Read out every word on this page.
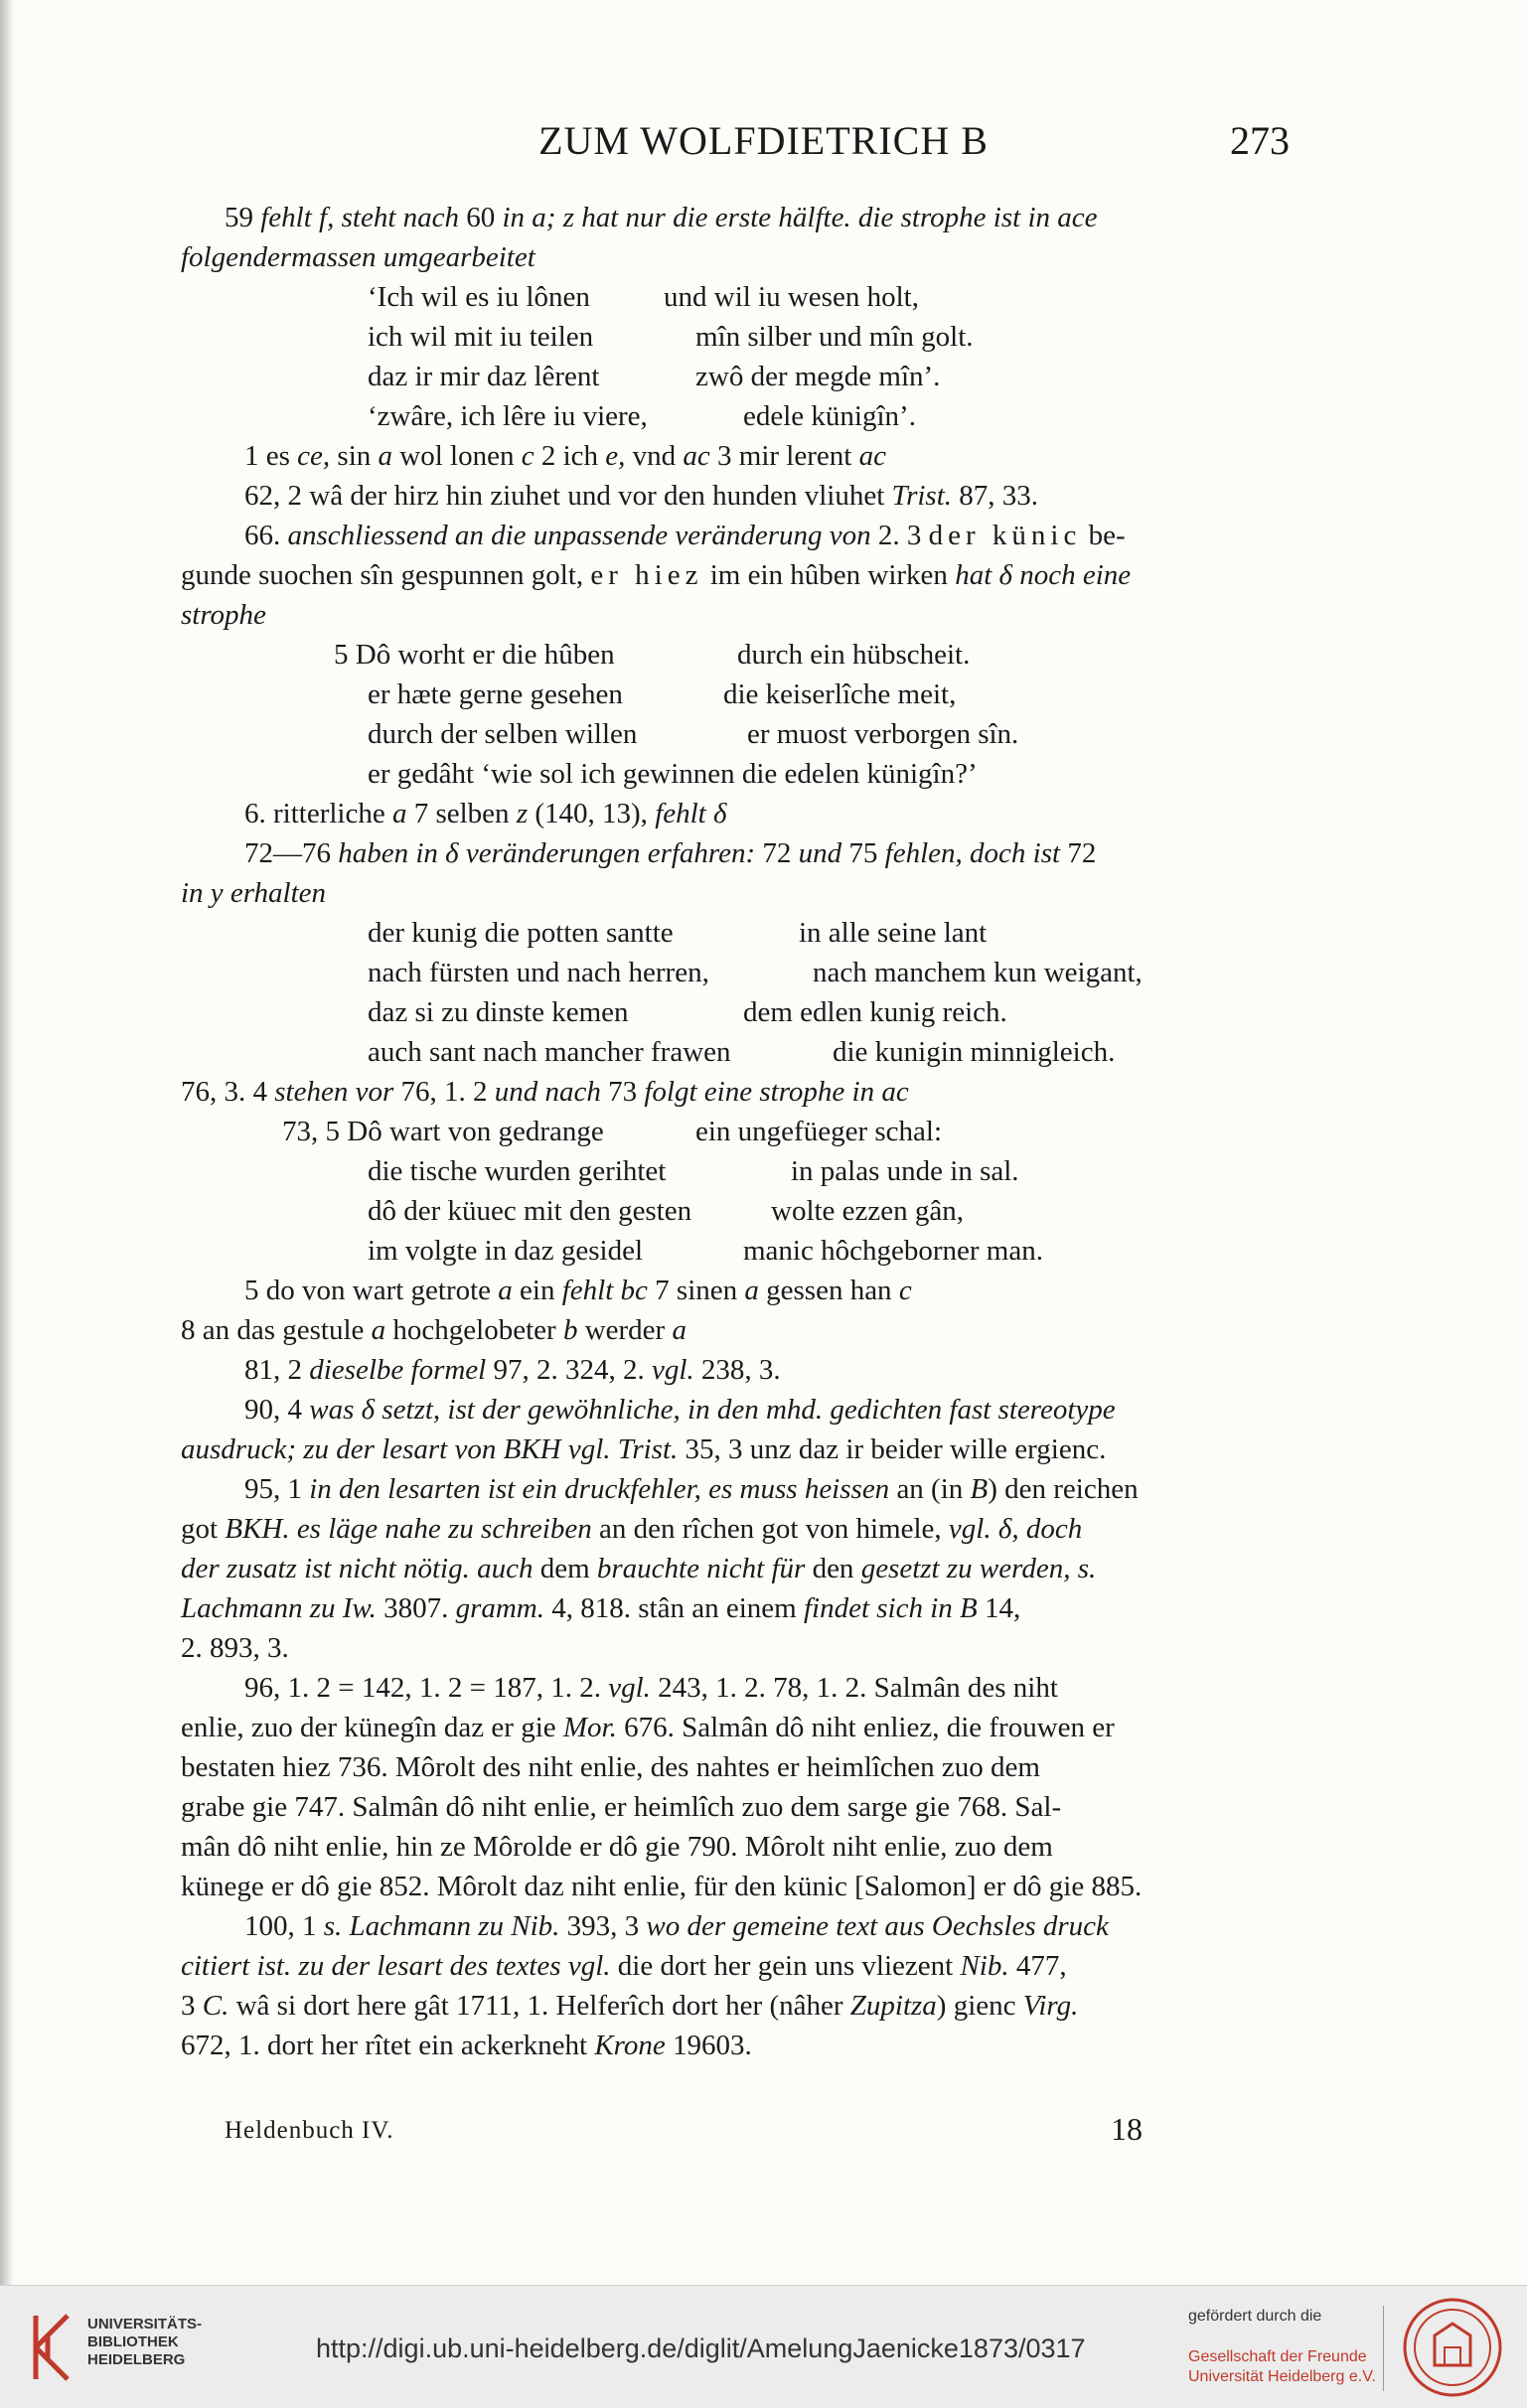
ZUM WOLFDIETRICH B	273
59 fehlt f, steht nach 60 in a; z hat nur die erste hälfte. die strophe ist in ace
folgendermassen umgearbeitet
‘Ich wil es iu lônen	und wil iu wesen holt,
ich wil mit iu teilen	mîn silber und mîn golt.
daz ir mir daz lêrent	zwô der megde mîn’.
‘zwâre, ich lêre iu viere,	edele künigîn’.
1 es ce, sin a wol lonen c 2 ich e, vnd ac 3 mir lerent ac
62, 2 wâ der hirz hin ziuhet und vor den hunden vliuhet Trist. 87, 33.
66. anschliessend an die unpassende veränderung von 2. 3 der künic be-
gunde suochen sîn gespunnen golt, er hiez im ein hûben wirken hat δ noch eine
strophe
5 Dô worht er die hûben	durch ein hübscheit.
er hæte gerne gesehen	die keiserlîche meit,
durch der selben willen	er muost verborgen sîn.
er gedâht ‘wie sol ich gewinnen die edelen künigîn?’
6. ritterliche a 7 selben z (140, 13), fehlt δ
72—76 haben in δ veränderungen erfahren: 72 und 75 fehlen, doch ist 72
in y erhalten
der kunig die potten santte	in alle seine lant
nach fürsten und nach herren,	nach manchem kun weigant,
daz si zu dinste kemen	dem edlen kunig reich.
auch sant nach mancher frawen	die kunigin minnigleich.
76, 3. 4 stehen vor 76, 1. 2 und nach 73 folgt eine strophe in ac
73, 5 Dô wart von gedrange	ein ungefüeger schal:
die tische wurden gerihtet	in palas unde in sal.
dô der küuec mit den gesten	wolte ezzen gân,
im volgte in daz gesidel	manic hôchgeborner man.
5 do von wart getrote a ein fehlt bc 7 sinen a gessen han c
8 an das gestule a hochgelobeter b werder a
81, 2 dieselbe formel 97, 2. 324, 2. vgl. 238, 3.
90, 4 was δ setzt, ist der gewöhnliche, in den mhd. gedichten fast stereotype
ausdruck; zu der lesart von BKH vgl. Trist. 35, 3 unz daz ir beider wille ergienc.
95, 1 in den lesarten ist ein druckfehler, es muss heissen an (in B) den reichen
got BKH. es läge nahe zu schreiben an den rîchen got von himele, vgl. δ, doch
der zusatz ist nicht nötig. auch dem brauchte nicht für den gesetzt zu werden, s.
Lachmann zu Iw. 3807. gramm. 4, 818. stân an einem findet sich in B 14,
2. 893, 3.
96, 1. 2 = 142, 1. 2 = 187, 1. 2. vgl. 243, 1. 2. 78, 1. 2. Salmân des niht
enlie, zuo der künegîn daz er gie Mor. 676. Salmân dô niht enliez, die frouwen er
bestaten hiez 736. Môrolt des niht enlie, des nahtes er heimlîchen zuo dem
grabe gie 747. Salmân dô niht enlie, er heimlîch zuo dem sarge gie 768. Sal-
mân dô niht enlie, hin ze Môrolde er dô gie 790. Môrolt niht enlie, zuo dem
künege er dô gie 852. Môrolt daz niht enlie, für den künic [Salomon] er dô gie 885.
100, 1 s. Lachmann zu Nib. 393, 3 wo der gemeine text aus Oechsles druck
citiert ist. zu der lesart des textes vgl. die dort her gein uns vliezent Nib. 477,
3 C. wâ si dort here gât 1711, 1. Helferîch dort her (nâher Zupitza) gienc Virg.
672, 1. dort her rîtet ein ackerkneht Krone 19603.
Heldenbuch IV.	18
UNIVERSITÄTS-
BIBLIOTHEK
HEIDELBERG	http://digi.ub.uni-heidelberg.de/diglit/AmelungJaenicke1873/0317
gefördert durch die
Gesellschaft der Freunde
Universität Heidelberg e.V.
